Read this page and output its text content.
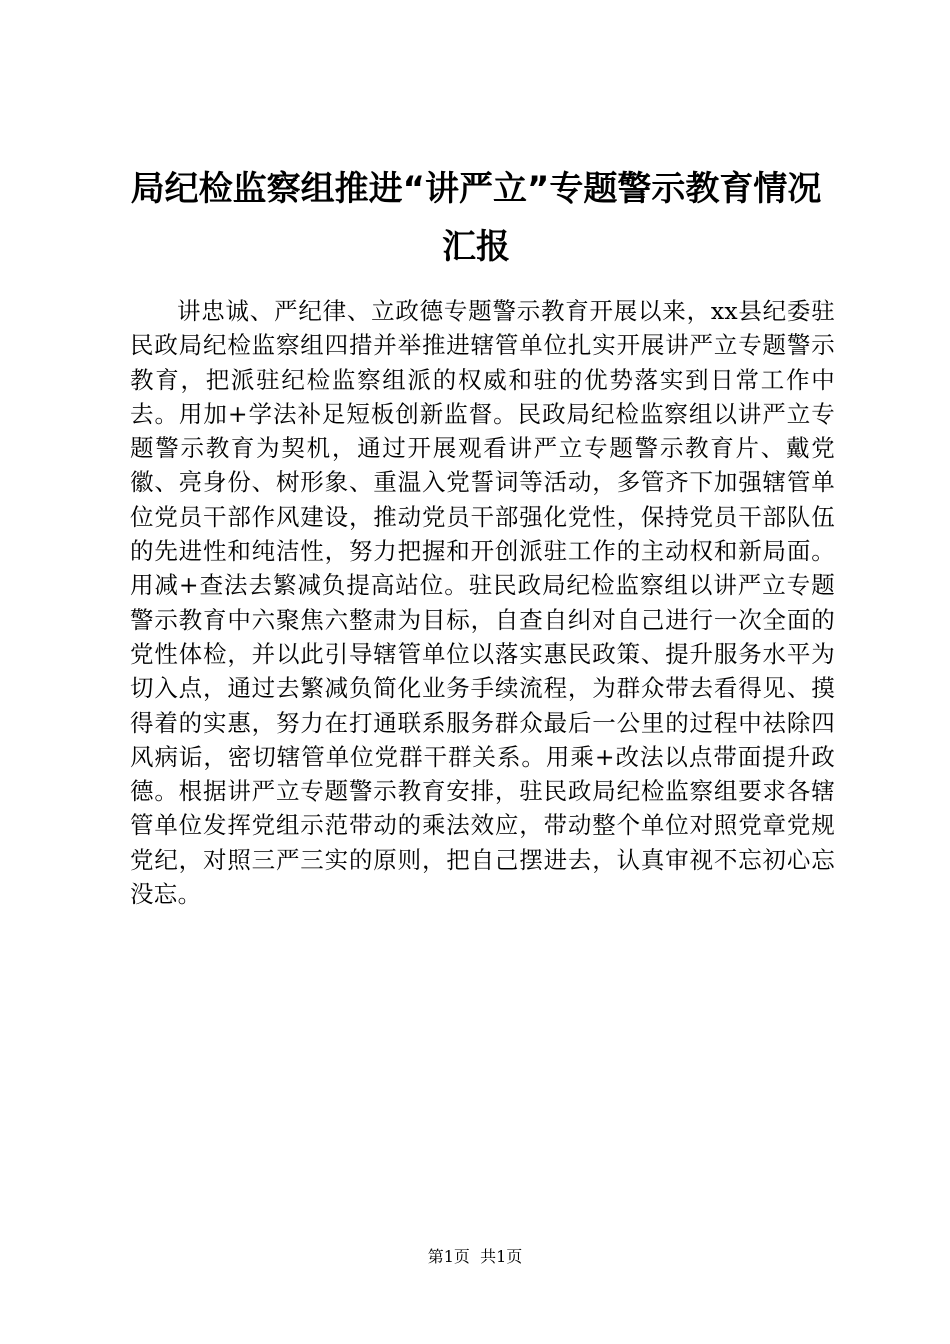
局纪检监察组推进“讲严立”专题警示教育情况汇报

讲忠诚、严纪律、立政德专题警示教育开展以来，xx县纪委驻民政局纪检监察组四措并举推进辖管单位扎实开展讲严立专题警示教育，把派驻纪检监察组派的权威和驻的优势落实到日常工作中去。用加+学法补足短板创新监督。民政局纪检监察组以讲严立专题警示教育为契机，通过开展观看讲严立专题警示教育片、戴党徽、亮身份、树形象、重温入党誓词等活动，多管齐下加强辖管单位党员干部作风建设，推动党员干部强化党性，保持党员干部队伍的先进性和纯洁性，努力把握和开创派驻工作的主动权和新局面。用减+查法去繁减负提高站位。驻民政局纪检监察组以讲严立专题警示教育中六聚焦六整肃为目标，自查自纠对自己进行一次全面的党性体检，并以此引导辖管单位以落实惠民政策、提升服务水平为切入点，通过去繁减负简化业务手续流程，为群众带去看得见、摸得着的实惠，努力在打通联系服务群众最后一公里的过程中祛除四风病诟，密切辖管单位党群干群关系。用乘+改法以点带面提升政德。根据讲严立专题警示教育安排，驻民政局纪检监察组要求各辖管单位发挥党组示范带动的乘法效应，带动整个单位对照党章党规党纪，对照三严三实的原则，把自己摆进去，认真审视不忘初心忘没忘。

第1页  共1页
